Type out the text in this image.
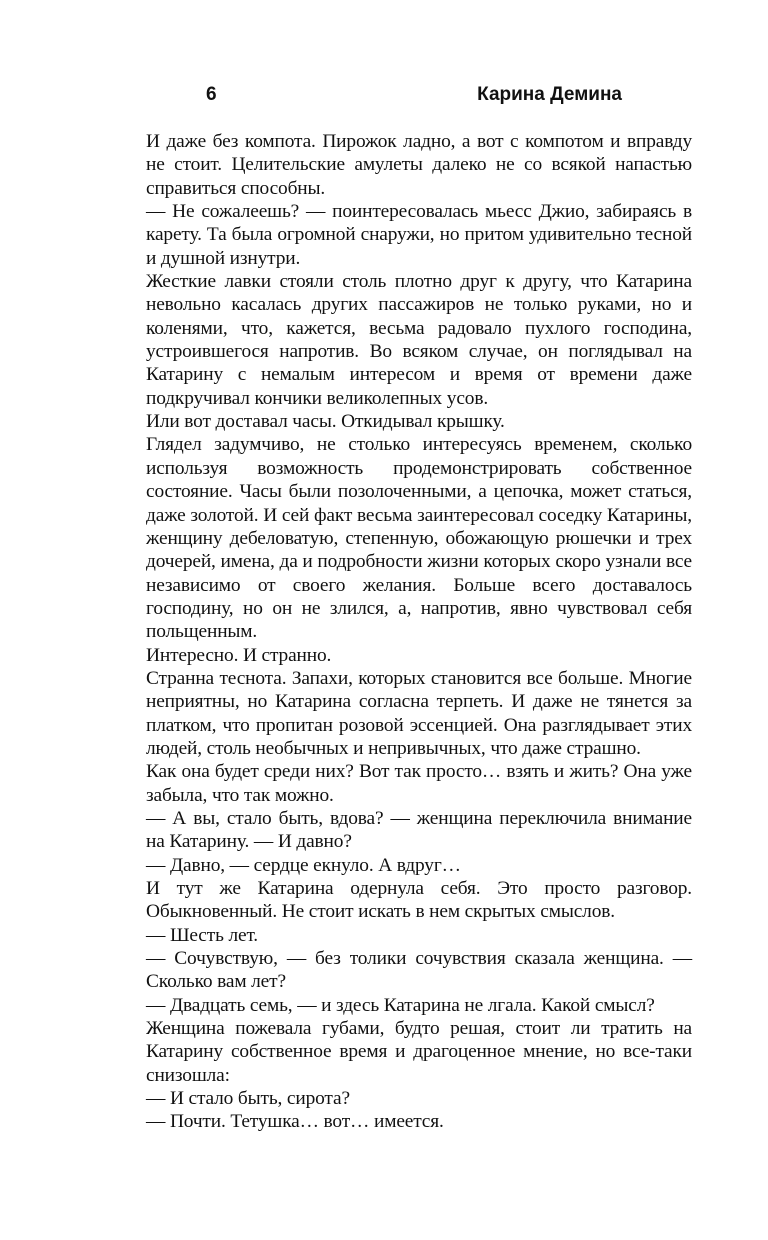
6	Карина Демина

И даже без компота. Пирожок ладно, а вот с компотом и вправду не стоит. Целительские амулеты далеко не со всякой напастью справиться способны.

— Не сожалеешь? — поинтересовалась мьесс Джио, забираясь в карету. Та была огромной снаружи, но притом удивительно тесной и душной изнутри.

Жесткие лавки стояли столь плотно друг к другу, что Катарина невольно касалась других пассажиров не только руками, но и коленями, что, кажется, весьма радовало пухлого господина, устроившегося напротив. Во всяком случае, он поглядывал на Катарину с немалым интересом и время от времени даже подкручивал кончики великолепных усов.

Или вот доставал часы. Откидывал крышку.

Глядел задумчиво, не столько интересуясь временем, сколько используя возможность продемонстрировать собственное состояние. Часы были позолоченными, а цепочка, может статься, даже золотой. И сей факт весьма заинтересовал соседку Катарины, женщину дебеловатую, степенную, обожающую рюшечки и трех дочерей, имена, да и подробности жизни которых скоро узнали все независимо от своего желания. Больше всего доставалось господину, но он не злился, а, напротив, явно чувствовал себя польщенным.

Интересно. И странно.

Странна теснота. Запахи, которых становится все больше. Многие неприятны, но Катарина согласна терпеть. И даже не тянется за платком, что пропитан розовой эссенцией. Она разглядывает этих людей, столь необычных и непривычных, что даже страшно.

Как она будет среди них? Вот так просто… взять и жить? Она уже забыла, что так можно.

— А вы, стало быть, вдова? — женщина переключила внимание на Катарину. — И давно?

— Давно, — сердце екнуло. А вдруг…

И тут же Катарина одернула себя. Это просто разговор. Обыкновенный. Не стоит искать в нем скрытых смыслов.

— Шесть лет.

— Сочувствую, — без толики сочувствия сказала женщина. — Сколько вам лет?

— Двадцать семь, — и здесь Катарина не лгала. Какой смысл?

Женщина пожевала губами, будто решая, стоит ли тратить на Катарину собственное время и драгоценное мнение, но все-таки снизошла:

— И стало быть, сирота?

— Почти. Тетушка… вот… имеется.
